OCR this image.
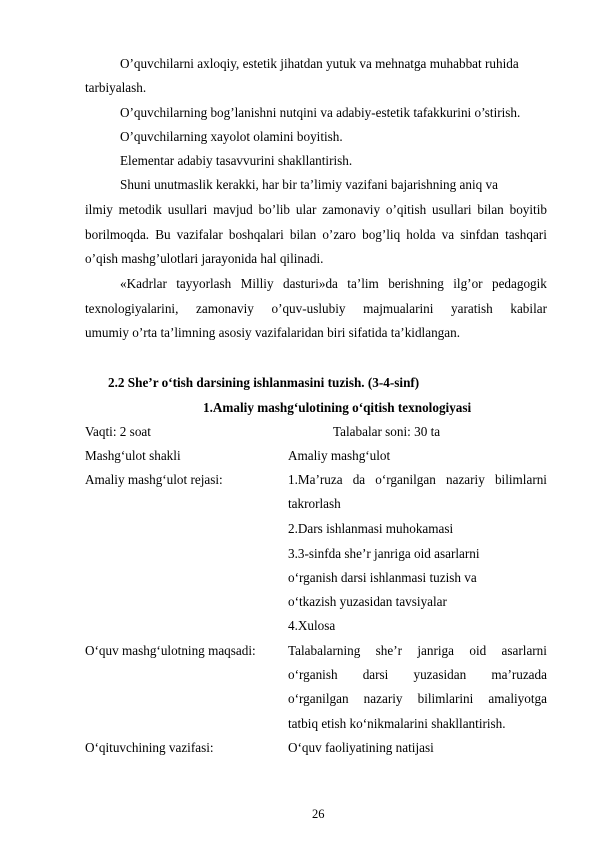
O’quvchilarni axloqiy, estetik jihatdan yutuk va mehnatga muhabbat ruhida
tarbiyalash.
O’quvchilarning bog’lanishni nutqini va adabiy-estetik tafakkurini o’stirish.
O’quvchilarning xayolot olamini boyitish.
Elementar adabiy tasavvurini shakllantirish.
Shuni unutmaslik kerakki, har bir ta’limiy vazifani bajarishning aniq va
ilmiy metodik usullari mavjud bo’lib ular zamonaviy o’qitish usullari bilan boyitib
borilmoqda. Bu vazifalar boshqalari bilan o’zaro bog’liq holda va sinfdan tashqari
o’qish mashg’ulotlari jarayonida hal qilinadi.
«Kadrlar tayyorlash Milliy dasturi»da ta’lim berishning ilg’or pedagogik
texnologiyalarini, zamonaviy o’quv-uslubiy majmualarini yaratish kabilar
umumiy o’rta ta’limning asosiy vazifalaridan biri sifatida ta’kidlangan.
2.2 She’r o‘tish darsining ishlanmasini tuzish. (3-4-sinf)
1.Amaliy mashg‘ulotining o‘qitish texnologiyasi
Vaqti: 2 soat	Talabalar soni: 30 ta
Mashg‘ulot shakli	Amaliy mashg‘ulot
Amaliy mashg‘ulot rejasi:	1.Ma’ruza da o‘rganilgan nazariy bilimlarni
takrorlash
2.Dars ishlanmasi muhokamasi
3.3-sinfda she’r janriga oid asarlarni
o‘rganish darsi ishlanmasi tuzish va
o‘tkazish yuzasidan tavsiyalar
4.Xulosa
O‘quv mashg‘ulotning maqsadi: Talabalarning she’r janriga oid asarlarni
o‘rganish darsi yuzasidan ma’ruzada
o‘rganilgan nazariy bilimlarini amaliyotga
tatbiq etish ko‘nikmalarini shakllantirish.
O‘qituvchining vazifasi:	O‘quv faoliyatining natijasi
26
